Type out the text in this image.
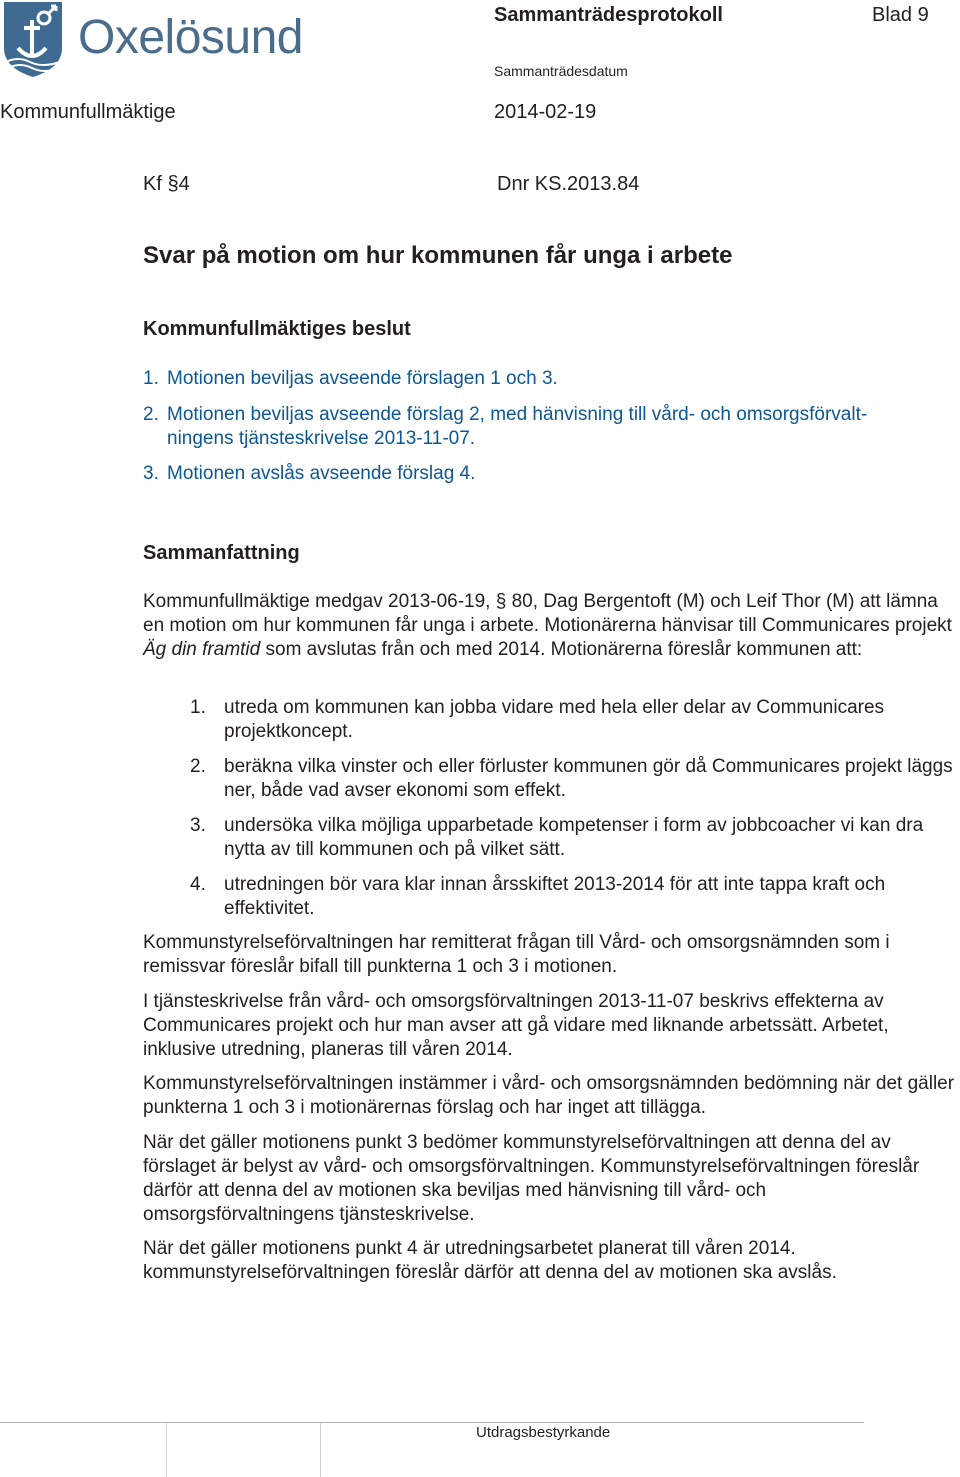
Oxelösund	Sammanträdesprotokoll	Blad 9
Sammanträdesdatum
Kommunfullmäktige	2014-02-19
Kf §4	Dnr KS.2013.84
Svar på motion om hur kommunen får unga i arbete
Kommunfullmäktiges beslut
1. Motionen beviljas avseende förslagen 1 och 3.
2. Motionen beviljas avseende förslag 2, med hänvisning till vård- och omsorgsförvalt-
ningens tjänsteskrivelse 2013-11-07.
3. Motionen avslås avseende förslag 4.
Sammanfattning
Kommunfullmäktige medgav 2013-06-19, § 80, Dag Bergentoft (M) och Leif Thor (M) att lämna en motion om hur kommunen får unga i arbete. Motionärerna hänvisar till Communicares projekt Äg din framtid som avslutas från och med 2014. Motionärerna föreslår kommunen att:
1. utreda om kommunen kan jobba vidare med hela eller delar av Communicares projektkoncept.
2. beräkna vilka vinster och eller förluster kommunen gör då Communicares projekt läggs ner, både vad avser ekonomi som effekt.
3. undersöka vilka möjliga upparbetade kompetenser i form av jobbcoacher vi kan dra nytta av till kommunen och på vilket sätt.
4. utredningen bör vara klar innan årsskiftet 2013-2014 för att inte tappa kraft och effektivitet.
Kommunstyrelseförvaltningen har remitterat frågan till Vård- och omsorgsnämnden som i remissvar föreslår bifall till punkterna 1 och 3 i motionen.
I tjänsteskrivelse från vård- och omsorgsförvaltningen 2013-11-07 beskrivs effekterna av Communicares projekt och hur man avser att gå vidare med liknande arbetssätt. Arbetet, inklusive utredning, planeras till våren 2014.
Kommunstyrelseförvaltningen instämmer i vård- och omsorgsnämnden bedömning när det gäller punkterna 1 och 3 i motionärernas förslag och har inget att tillägga.
När det gäller motionens punkt 3 bedömer kommunstyrelseförvaltningen att denna del av förslaget är belyst av vård- och omsorgsförvaltningen. Kommunstyrelseförvaltningen föreslår därför att denna del av motionen ska beviljas med hänvisning till vård- och omsorgsförvaltningens tjänsteskrivelse.
När det gäller motionens punkt 4 är utredningsarbetet planerat till våren 2014. kommunstyrelseförvaltningen föreslår därför att denna del av motionen ska avslås.
Utdragsbestyrkande
